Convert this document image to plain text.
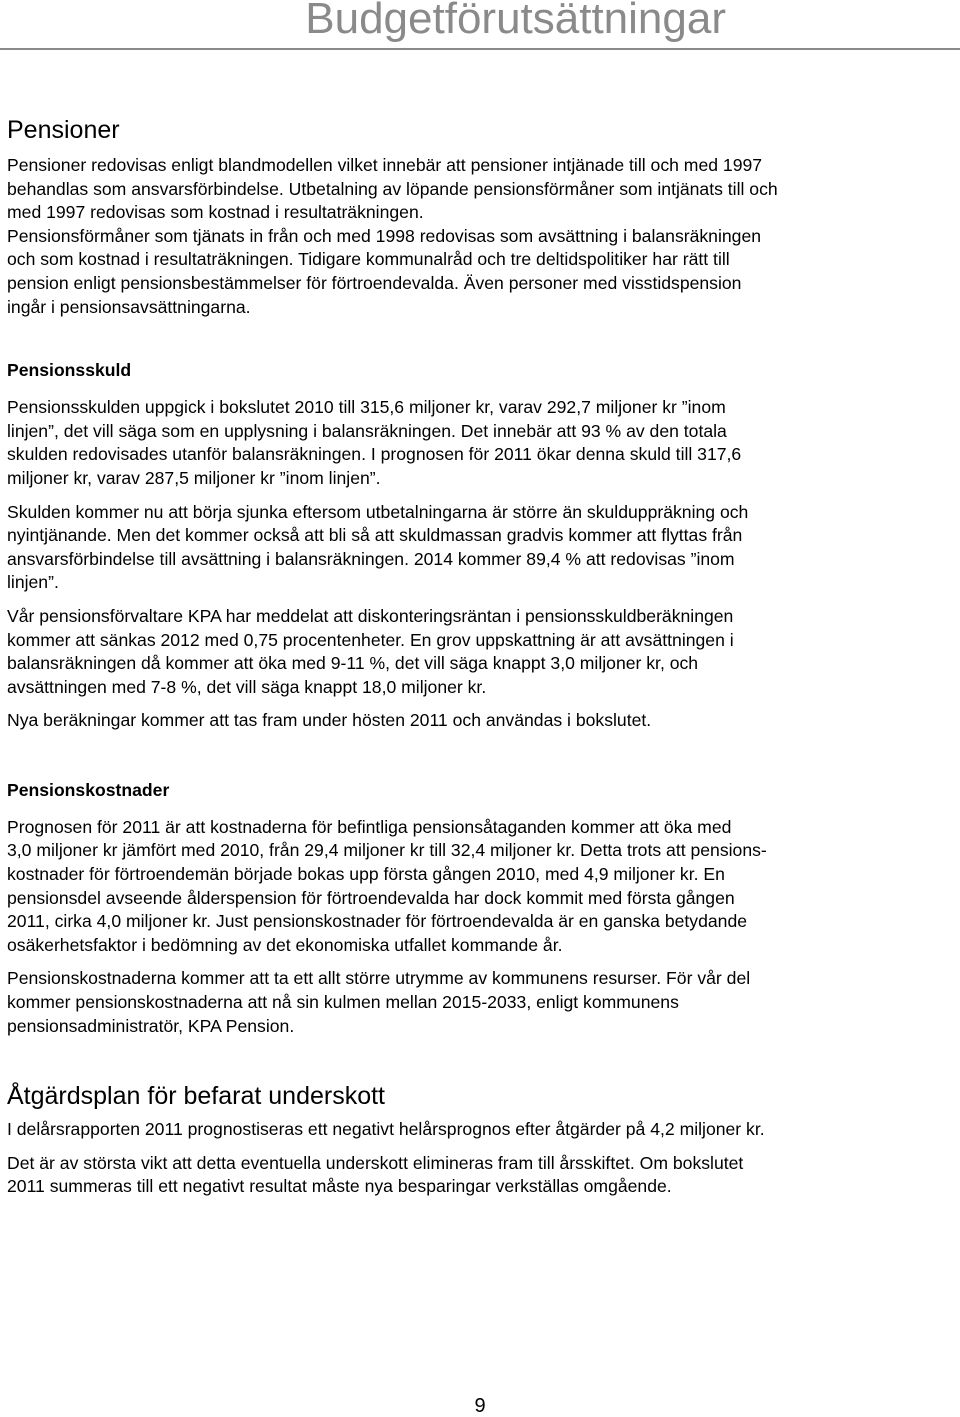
Budgetförutsättningar
Pensioner

Pensioner redovisas enligt blandmodellen vilket innebär att pensioner intjänade till och med 1997

behandlas som ansvarsförbindelse. Utbetalning av löpande pensionsförmåner som intjänats till och

med 1997 redovisas som kostnad i resultaträkningen.

Pensionsförmåner som tjänats in från och med 1998 redovisas som avsättning i balansräkningen

och som kostnad i resultaträkningen. Tidigare kommunalråd och tre deltidspolitiker har rätt till

pension enligt pensionsbestämmelser för förtroendevalda. Även personer med visstidspension

ingår i pensionsavsättningarna.

Pensionsskuld

Pensionsskulden uppgick i bokslutet 2010 till 315,6 miljoner kr, varav 292,7 miljoner kr ”inom

linjen”, det vill säga som en upplysning i balansräkningen. Det innebär att 93 % av den totala

skulden redovisades utanför balansräkningen. I prognosen för 2011 ökar denna skuld till 317,6

miljoner kr, varav 287,5 miljoner kr ”inom linjen”.

Skulden kommer nu att börja sjunka eftersom utbetalningarna är större än skulduppräkning och

nyintjänande. Men det kommer också att bli så att skuldmassan gradvis kommer att flyttas från

ansvarsförbindelse till avsättning i balansräkningen. 2014 kommer 89,4 % att redovisas ”inom

linjen”.

Vår pensionsförvaltare KPA har meddelat att diskonteringsräntan i pensionsskuldberäkningen

kommer att sänkas 2012 med 0,75 procentenheter. En grov uppskattning är att avsättningen i

balansräkningen då kommer att öka med 9-11 %, det vill säga knappt 3,0 miljoner kr, och

avsättningen med 7-8 %, det vill säga knappt 18,0 miljoner kr.

Nya beräkningar kommer att tas fram under hösten 2011 och användas i bokslutet.

Pensionskostnader

Prognosen för 2011 är att kostnaderna för befintliga pensionsåtaganden kommer att öka med

3,0 miljoner kr jämfört med 2010, från 29,4 miljoner kr till 32,4 miljoner kr. Detta trots att pensions-

kostnader för förtroendemän började bokas upp första gången 2010, med 4,9 miljoner kr. En

pensionsdel avseende ålderspension för förtroendevalda har dock kommit med första gången

2011, cirka 4,0 miljoner kr. Just pensionskostnader för förtroendevalda är en ganska betydande

osäkerhetsfaktor i bedömning av det ekonomiska utfallet kommande år.

Pensionskostnaderna kommer att ta ett allt större utrymme av kommunens resurser. För vår del

kommer pensionskostnaderna att nå sin kulmen mellan 2015-2033, enligt kommunens

pensionsadministratör, KPA Pension.

Åtgärdsplan för befarat underskott

I delårsrapporten 2011 prognostiseras ett negativt helårsprognos efter åtgärder på 4,2 miljoner kr.

Det är av största vikt att detta eventuella underskott elimineras fram till årsskiftet. Om bokslutet

2011 summeras till ett negativt resultat måste nya besparingar verkställas omgående.

9
